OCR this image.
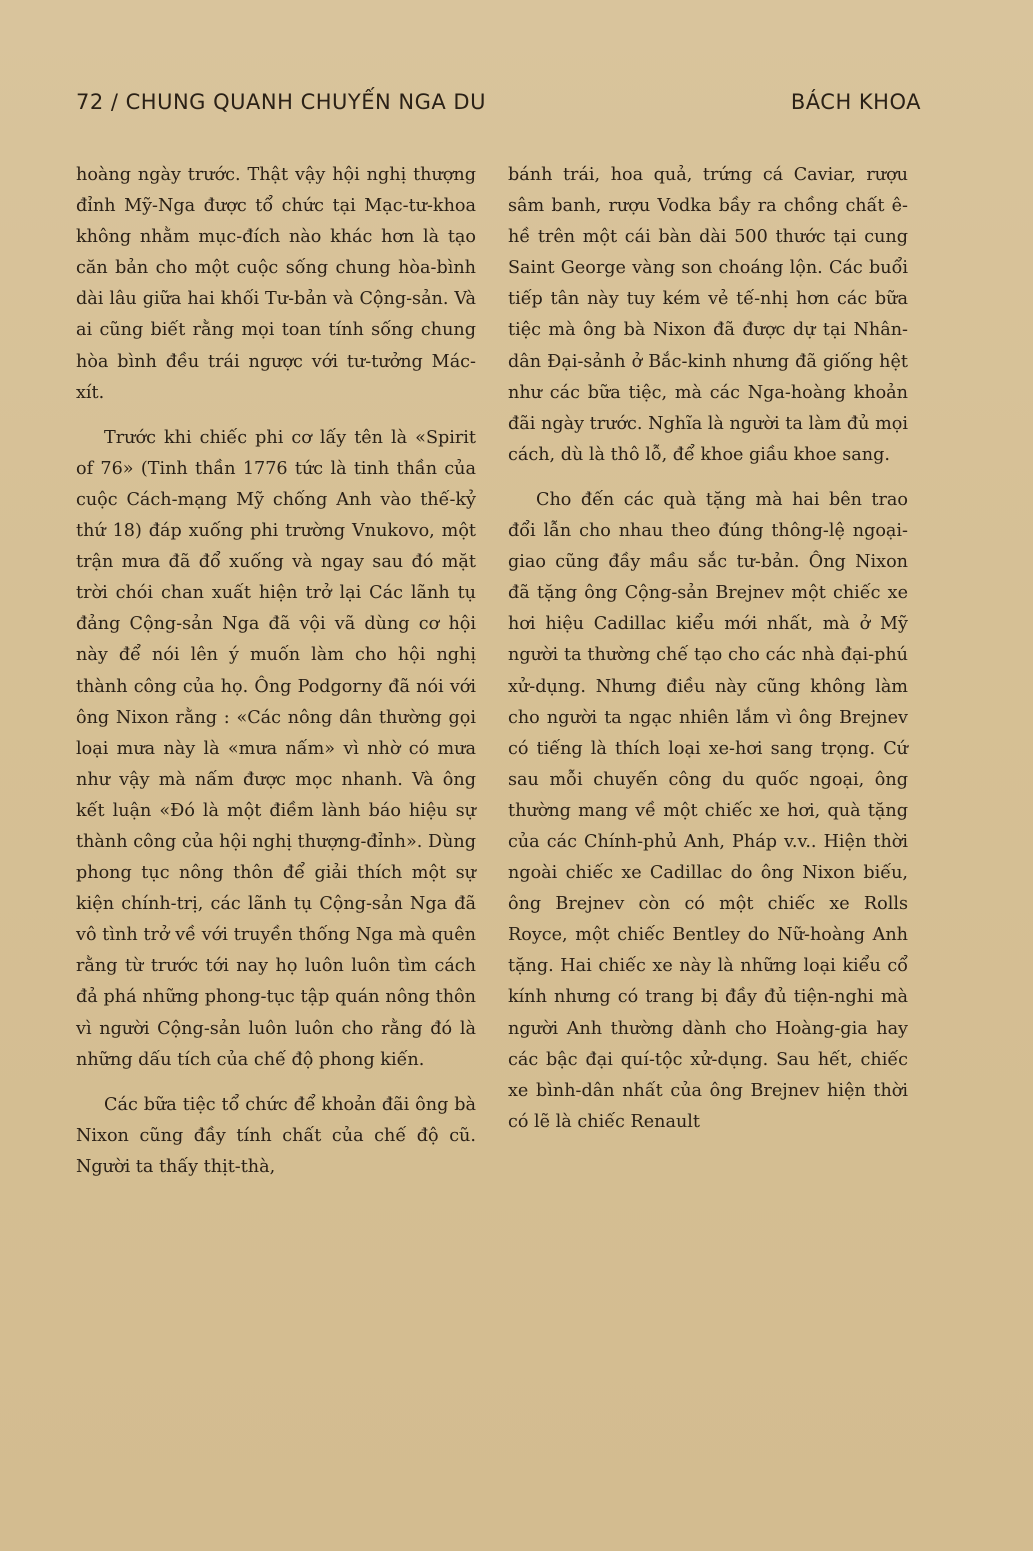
72 / CHUNG QUANH CHUYẾN NGA DU	BÁCH KHOA

hoàng ngày trước. Thật vậy hội nghị thượng đỉnh Mỹ-Nga được tổ chức tại Mạc-tư-khoa không nhằm mục-đích nào khác hơn là tạo căn bản cho một cuộc sống chung hòa-bình dài lâu giữa hai khối Tư-bản và Cộng-sản. Và ai cũng biết rằng mọi toan tính sống chung hòa bình đều trái ngược với tư-tưởng Mác-xít.

Trước khi chiếc phi cơ lấy tên là «Spirit of 76» (Tinh thần 1776 tức là tinh thần của cuộc Cách-mạng Mỹ chống Anh vào thế-kỷ thứ 18) đáp xuống phi trường Vnukovo, một trận mưa đã đổ xuống và ngay sau đó mặt trời chói chan xuất hiện trở lại Các lãnh tụ đảng Cộng-sản Nga đã vội vã dùng cơ hội này để nói lên ý muốn làm cho hội nghị thành công của họ. Ông Podgorny đã nói với ông Nixon rằng : «Các nông dân thường gọi loại mưa này là «mưa nấm» vì nhờ có mưa như vậy mà nấm được mọc nhanh. Và ông kết luận «Đó là một điềm lành báo hiệu sự thành công của hội nghị thượng-đỉnh». Dùng phong tục nông thôn để giải thích một sự kiện chính-trị, các lãnh tụ Cộng-sản Nga đã vô tình trở về với truyền thống Nga mà quên rằng từ trước tới nay họ luôn luôn tìm cách đả phá những phong-tục tập quán nông thôn vì người Cộng-sản luôn luôn cho rằng đó là những dấu tích của chế độ phong kiến.

Các bữa tiệc tổ chức để khoản đãi ông bà Nixon cũng đầy tính chất của chế độ cũ. Người ta thấy thịt-thà,

bánh trái, hoa quả, trứng cá Caviar, rượu sâm banh, rượu Vodka bầy ra chồng chất ê-hề trên một cái bàn dài 500 thước tại cung Saint George vàng son choáng lộn. Các buổi tiếp tân này tuy kém vẻ tế-nhị hơn các bữa tiệc mà ông bà Nixon đã được dự tại Nhân-dân Đại-sảnh ở Bắc-kinh nhưng đã giống hệt như các bữa tiệc, mà các Nga-hoàng khoản đãi ngày trước. Nghĩa là người ta làm đủ mọi cách, dù là thô lỗ, để khoe giầu khoe sang.

Cho đến các quà tặng mà hai bên trao đổi lẫn cho nhau theo đúng thông-lệ ngoại-giao cũng đầy mầu sắc tư-bản. Ông Nixon đã tặng ông Cộng-sản Brejnev một chiếc xe hơi hiệu Cadillac kiểu mới nhất, mà ở Mỹ người ta thường chế tạo cho các nhà đại-phú xử-dụng. Nhưng điều này cũng không làm cho người ta ngạc nhiên lắm vì ông Brejnev có tiếng là thích loại xe-hơi sang trọng. Cứ sau mỗi chuyến công du quốc ngoại, ông thường mang về một chiếc xe hơi, quà tặng của các Chính-phủ Anh, Pháp v.v.. Hiện thời ngoài chiếc xe Cadillac do ông Nixon biếu, ông Brejnev còn có một chiếc xe Rolls Royce, một chiếc Bentley do Nữ-hoàng Anh tặng. Hai chiếc xe này là những loại kiểu cổ kính nhưng có trang bị đầy đủ tiện-nghi mà người Anh thường dành cho Hoàng-gia hay các bậc đại quí-tộc xử-dụng. Sau hết, chiếc xe bình-dân nhất của ông Brejnev hiện thời có lẽ là chiếc Renault
